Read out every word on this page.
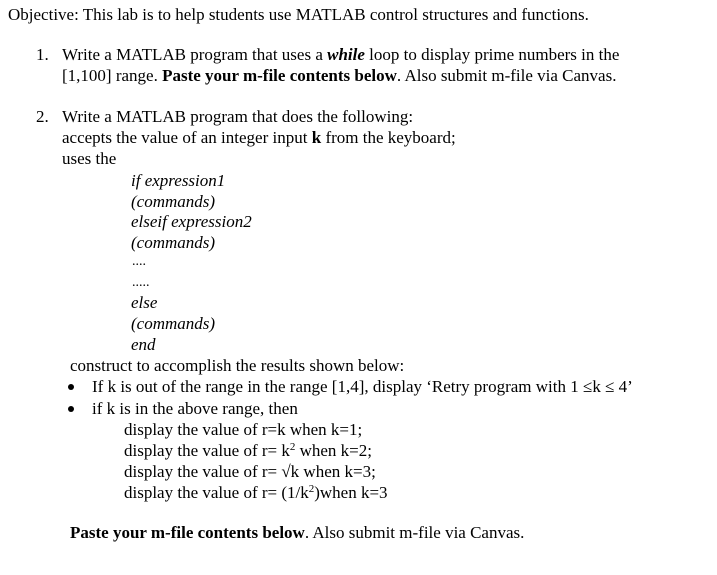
Objective: This lab is to help students use MATLAB control structures and functions.
1. Write a MATLAB program that uses a while loop to display prime numbers in the
[1,100] range. Paste your m-file contents below. Also submit m-file via Canvas.
2. Write a MATLAB program that does the following:
accepts the value of an integer input k from the keyboard;
uses the
if expression1
(commands)
elseif expression2
(commands)
....
.....
else
(commands)
end
construct to accomplish the results shown below:
If k is out of the range in the range [1,4], display ‘Retry program with 1 ≤k ≤ 4’
if k is in the above range, then
display the value of r=k when k=1;
display the value of $r= k^2$ when k=2;
display the value of r= √k when k=3;
display the value of $r= (1/k^2)when$ k=3
Paste your m-file contents below. Also submit m-file via Canvas.
